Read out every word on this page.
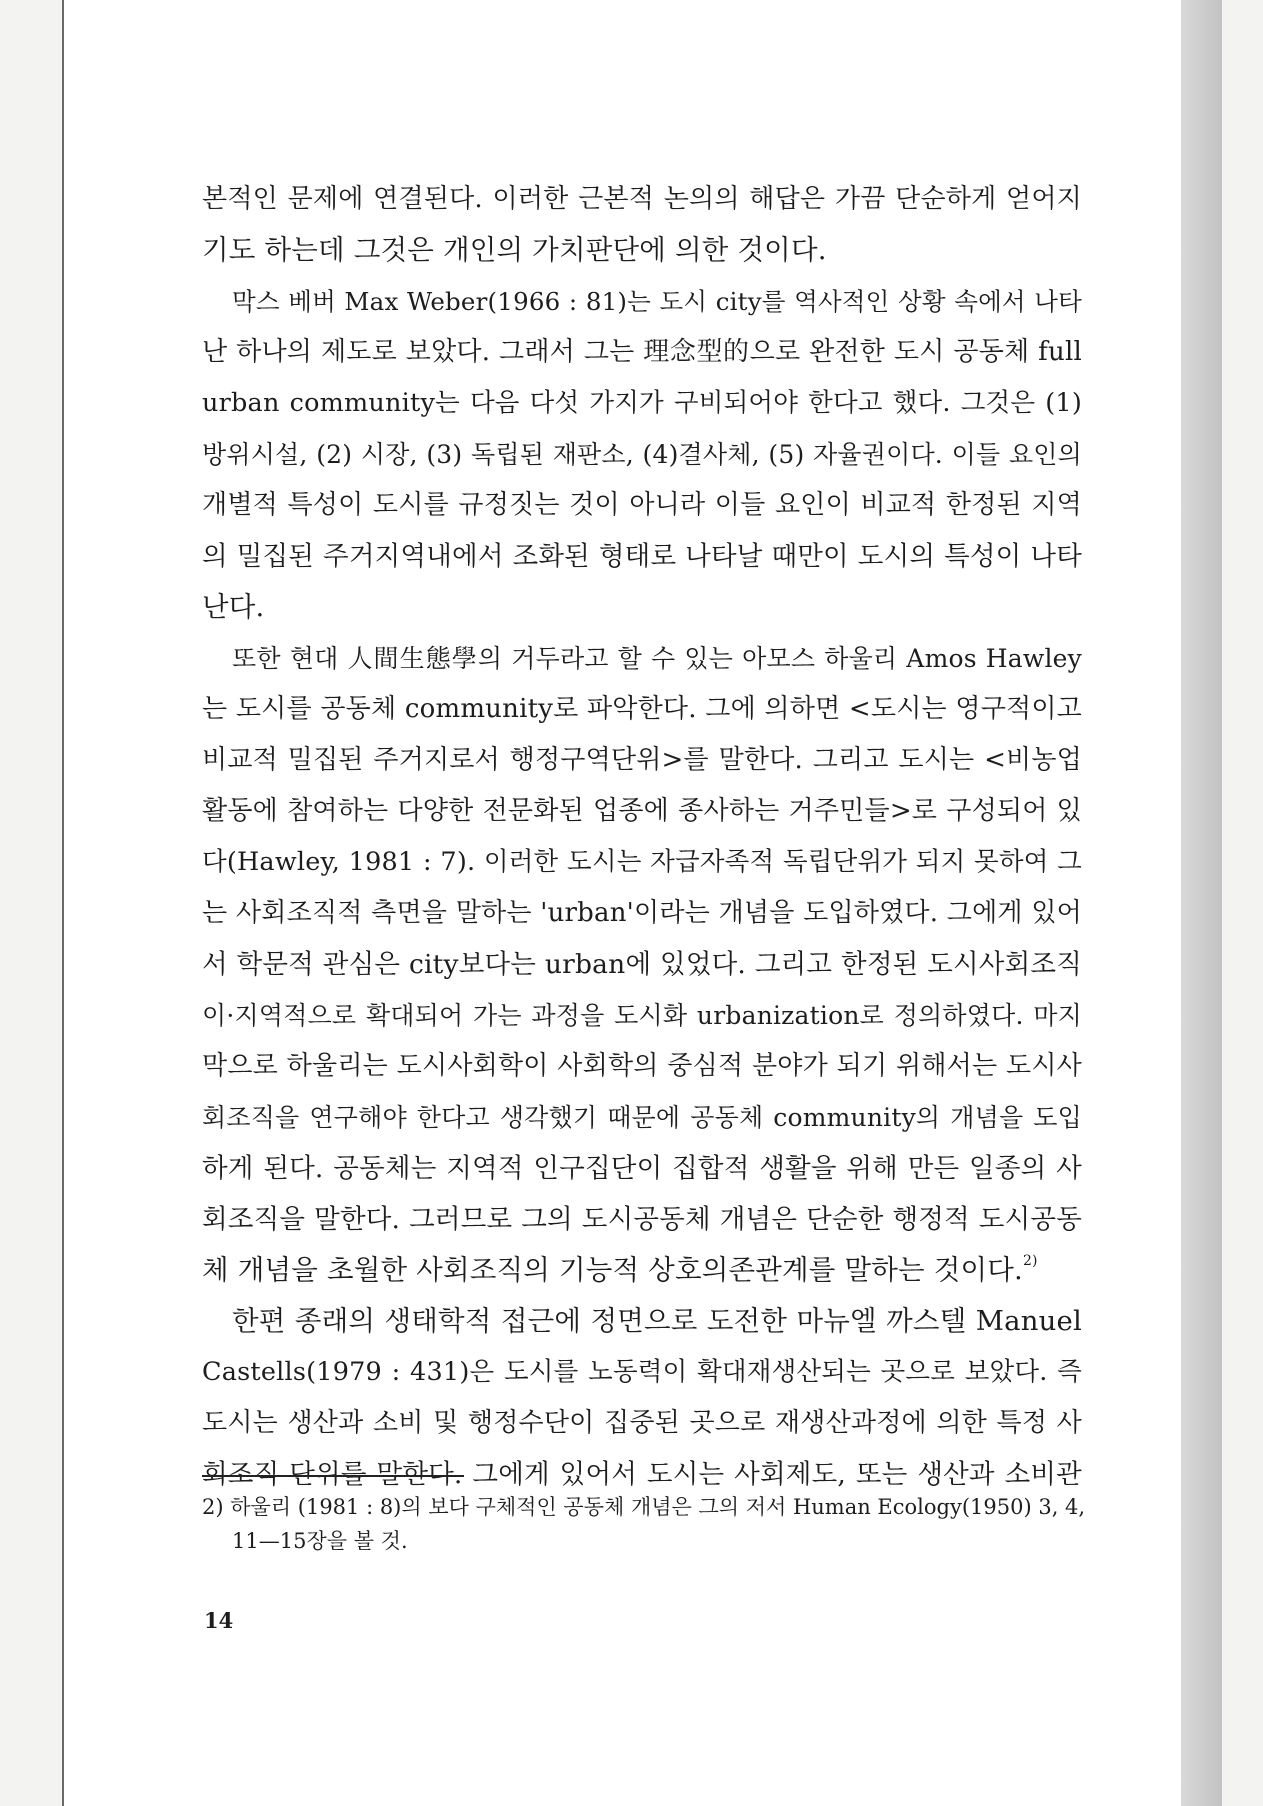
본적인 문제에 연결된다. 이러한 근본적 논의의 해답은 가끔 단순하게 얻어지
기도 하는데 그것은 개인의 가치판단에 의한 것이다.
막스 베버 Max Weber(1966 : 81)는 도시 city를 역사적인 상황 속에서 나타
난 하나의 제도로 보았다. 그래서 그는 理念型的으로 완전한 도시 공동체 full
urban community는 다음 다섯 가지가 구비되어야 한다고 했다. 그것은 (1)
방위시설, (2) 시장, (3) 독립된 재판소, (4)결사체, (5) 자율권이다. 이들 요인의
개별적 특성이 도시를 규정짓는 것이 아니라 이들 요인이 비교적 한정된 지역
의 밀집된 주거지역내에서 조화된 형태로 나타날 때만이 도시의 특성이 나타
난다.
또한 현대 人間生態學의 거두라고 할 수 있는 아모스 하울리 Amos Hawley
는 도시를 공동체 community로 파악한다. 그에 의하면 <도시는 영구적이고
비교적 밀집된 주거지로서 행정구역단위>를 말한다. 그리고 도시는 <비농업
활동에 참여하는 다양한 전문화된 업종에 종사하는 거주민들>로 구성되어 있
다(Hawley, 1981 : 7). 이러한 도시는 자급자족적 독립단위가 되지 못하여 그
는 사회조직적 측면을 말하는 'urban'이라는 개념을 도입하였다. 그에게 있어
서 학문적 관심은 city보다는 urban에 있었다. 그리고 한정된 도시사회조직
이·지역적으로 확대되어 가는 과정을 도시화 urbanization로 정의하였다. 마지
막으로 하울리는 도시사회학이 사회학의 중심적 분야가 되기 위해서는 도시사
회조직을 연구해야 한다고 생각했기 때문에 공동체 community의 개념을 도입
하게 된다. 공동체는 지역적 인구집단이 집합적 생활을 위해 만든 일종의 사
회조직을 말한다. 그러므로 그의 도시공동체 개념은 단순한 행정적 도시공동
체 개념을 초월한 사회조직의 기능적 상호의존관계를 말하는 것이다.$^{2)}$
한편 종래의 생태학적 접근에 정면으로 도전한 마뉴엘 까스텔 Manuel
Castells(1979 : 431)은 도시를 노동력이 확대재생산되는 곳으로 보았다. 즉
도시는 생산과 소비 및 행정수단이 집중된 곳으로 재생산과정에 의한 특정 사
회조직 단위를 말한다. 그에게 있어서 도시는 사회제도, 또는 생산과 소비관
2) 하울리 (1981 : 8)의 보다 구체적인 공동체 개념은 그의 저서 Human Ecology(1950) 3, 4,
11—15장을 볼 것.
14
